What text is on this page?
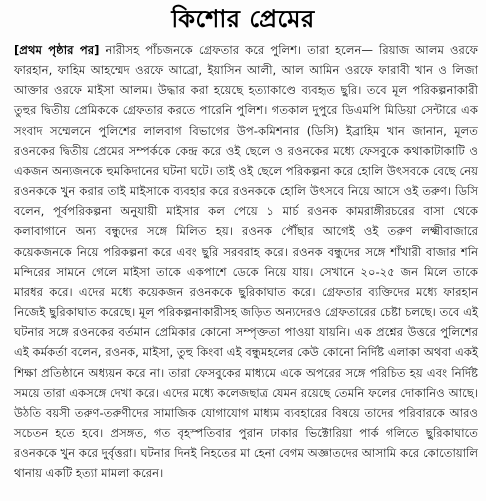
কিশোর প্রেমের

[প্রথম পৃষ্ঠার পর] নারীসহ পাঁচজনকে গ্রেফতার করে পুলিশ। তারা হলেন— রিয়াজ আলম ওরফে ফারহান, ফাহিম আহম্মেদ ওরফে আব্রো, ইয়াসিন আলী, আল আমিন ওরফে ফারাবী খান ও লিজা আক্তার ওরফে মাইসা আলম। উদ্ধার করা হয়েছে হত্যাকাণ্ডে ব্যবহৃত ছুরি। তবে মূল পরিকল্পনাকারী তুহুর দ্বিতীয় প্রেমিককে গ্রেফতার করতে পারেনি পুলিশ। গতকাল দুপুরে ডিএমপি মিডিয়া সেন্টারে এক সংবাদ সম্মেলনে পুলিশের লালবাগ বিভাগের উপ-কমিশনার (ডিসি) ইব্রাহিম খান জানান, মূলত রওনকের দ্বিতীয় প্রেমের সম্পর্ককে কেন্দ্র করে ওই ছেলে ও রওনকের মধ্যে ফেসবুকে কথাকাটাকাটি ও একজন অন্যজনকে হুমকিদানের ঘটনা ঘটে। তাই ওই ছেলে পরিকল্পনা করে হোলি উৎসবকে বেছে নেয় রওনককে খুন করার তাই মাইসাকে ব্যবহার করে রওনককে হোলি উৎসবে নিয়ে আসে ওই তরুণ। ডিসি বলেন, পূর্বপরিকল্পনা অনুযায়ী মাইসার কল পেয়ে ১ মার্চ রওনক কামরাঙ্গীরচরের বাসা থেকে কলাবাগানে অন্য বন্ধুদের সঙ্গে মিলিত হয়। রওনক পৌঁছার আগেই ওই তরুণ লক্ষ্মীবাজারে কয়েকজনকে নিয়ে পরিকল্পনা করে এবং ছুরি সরবরাহ করে। রওনক বন্ধুদের সঙ্গে শাঁখারী বাজার শনি মন্দিরের সামনে গেলে মাইসা তাকে একপাশে ডেকে নিয়ে যায়। সেখানে ২০-২৫ জন মিলে তাকে মারধর করে। এদের মধ্যে কয়েকজন রওনককে ছুরিকাঘাত করে। গ্রেফতার ব্যক্তিদের মধ্যে ফারহান নিজেই ছুরিকাঘাত করেছে। মূল পরিকল্পনাকারীসহ জড়িত অন্যদেরও গ্রেফতারের চেষ্টা চলছে। তবে এই ঘটনার সঙ্গে রওনকের বর্তমান প্রেমিকার কোনো সম্পৃক্ততা পাওয়া যায়নি। এক প্রশ্নের উত্তরে পুলিশের এই কর্মকর্তা বলেন, রওনক, মাইসা, তুহু কিংবা এই বন্ধুমহলের কেউ কোনো নির্দিষ্ট এলাকা অথবা একই শিক্ষা প্রতিষ্ঠানে অধ্যয়ন করে না। তারা ফেসবুকের মাধ্যমে একে অপরের সঙ্গে পরিচিত হয় এবং নির্দিষ্ট সময়ে তারা একসঙ্গে দেখা করে। এদের মধ্যে কলেজছাত্র যেমন রয়েছে তেমনি ফলের দোকানিও আছে। উঠতি বয়সী তরুণ-তরুণীদের সামাজিক যোগাযোগ মাধ্যম ব্যবহারের বিষয়ে তাদের পরিবারকে আরও সচেতন হতে হবে। প্রসঙ্গত, গত বৃহস্পতিবার পুরান ঢাকার ভিক্টোরিয়া পার্ক গলিতে ছুরিকাঘাতে রওনককে খুন করে দুর্বৃত্তরা। ঘটনার দিনই নিহতের মা হেনা বেগম অজ্ঞাতদের আসামি করে কোতোয়ালি থানায় একটি হত্যা মামলা করেন।
